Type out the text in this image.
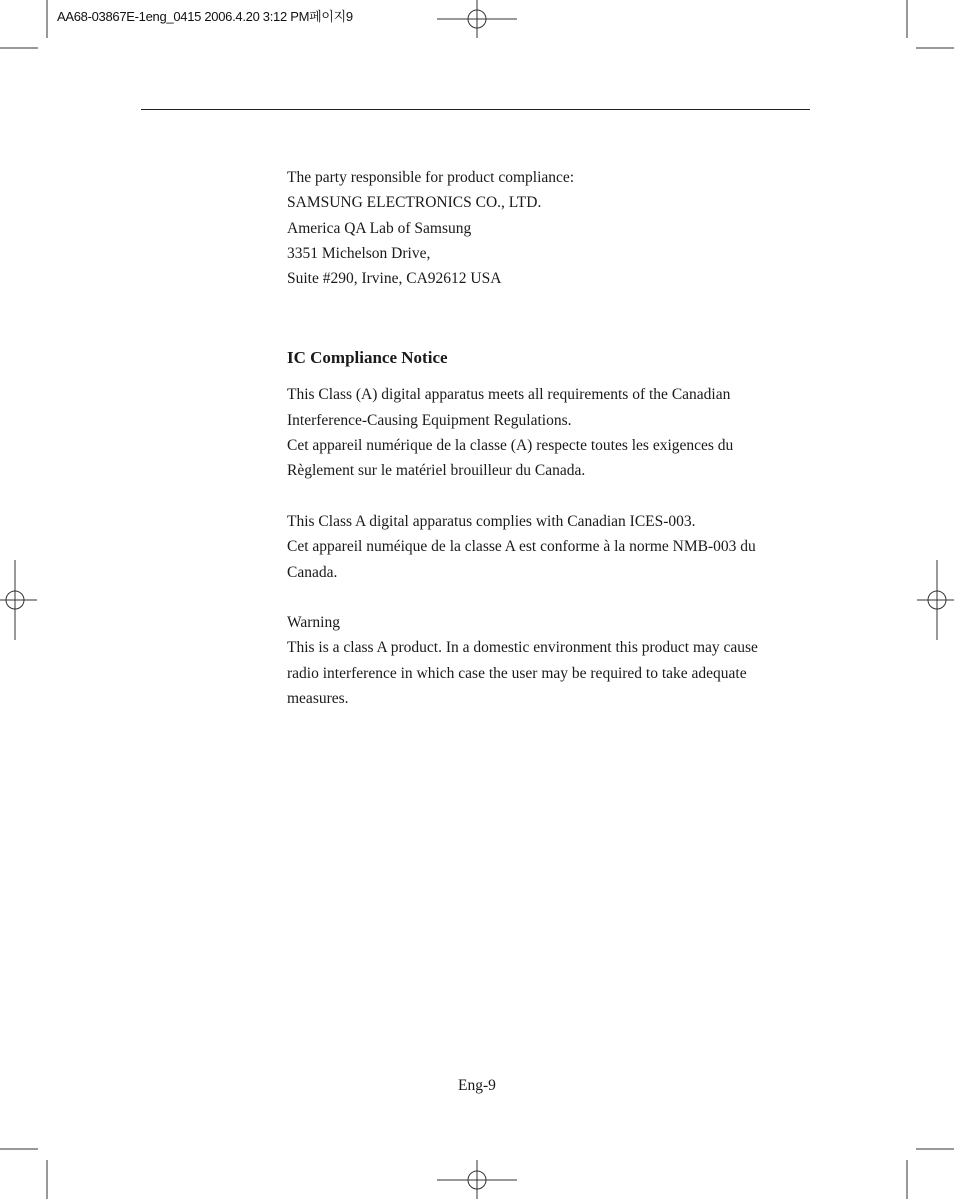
AA68-03867E-1eng_0415 2006.4.20 3:12 PM페이지9
The party responsible for product compliance:
SAMSUNG ELECTRONICS CO., LTD.
America QA Lab of Samsung
3351 Michelson Drive,
Suite #290, Irvine, CA92612 USA
IC Compliance Notice
This Class (A) digital apparatus meets all requirements of the Canadian
Interference-Causing Equipment Regulations.
Cet appareil numérique de la classe (A) respecte toutes les exigences du
Règlement sur le matériel brouilleur du Canada.
This Class A digital apparatus complies with Canadian ICES-003.
Cet appareil numéique de la classe A est conforme à la norme NMB-003 du
Canada.
Warning
This is a class A product. In a domestic environment this product may cause
radio interference in which case the user may be required to take adequate
measures.
Eng-9
